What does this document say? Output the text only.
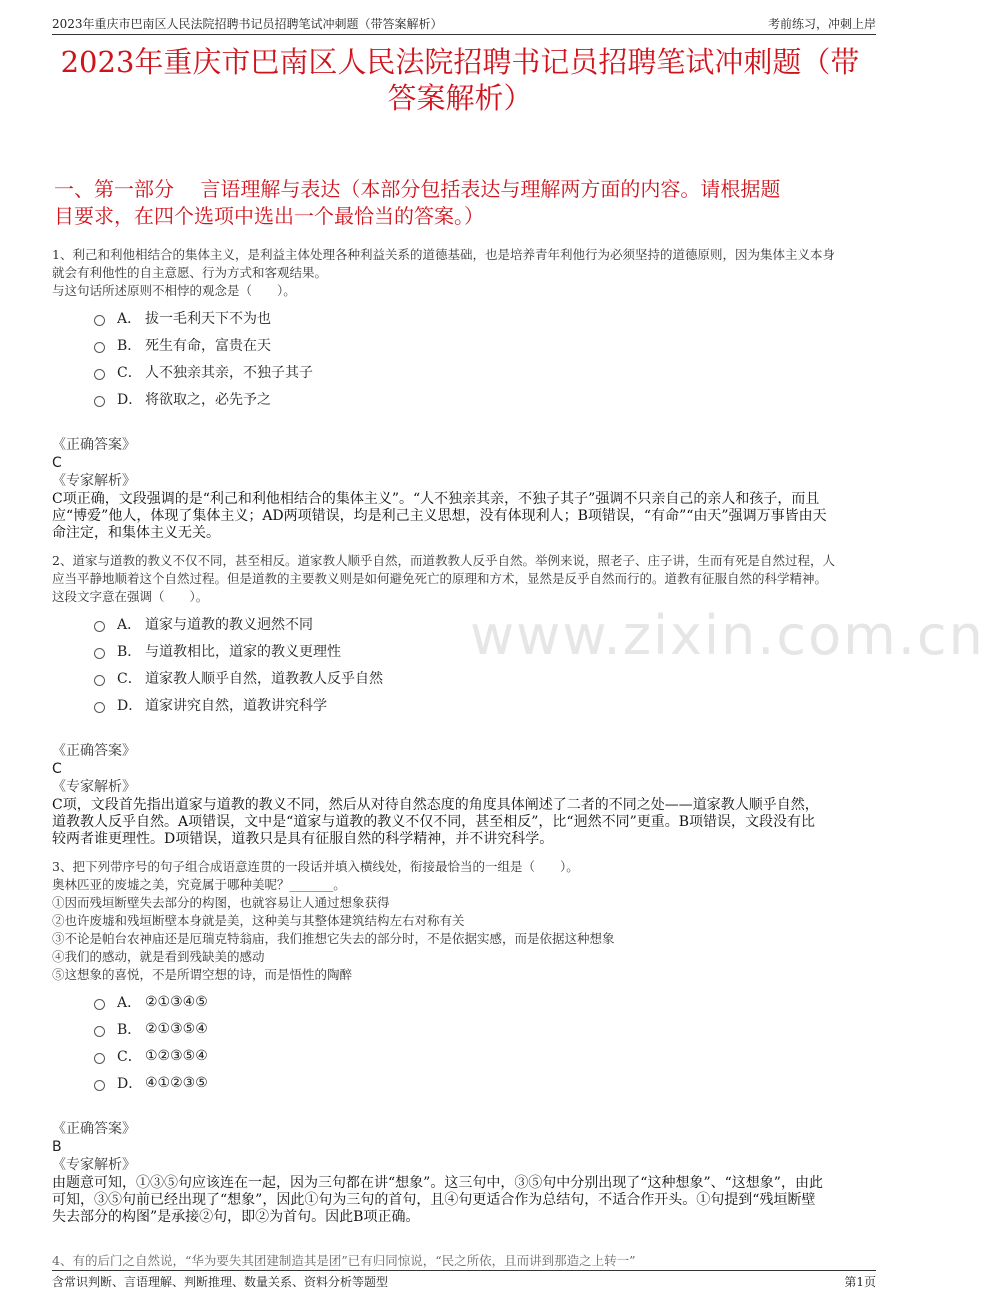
2023年重庆市巴南区人民法院招聘书记员招聘笔试冲刺题（带答案解析）	考前练习，冲刺上岸
2023年重庆市巴南区人民法院招聘书记员招聘笔试冲刺题（带
答案解析）
一、第一部分　 言语理解与表达（本部分包括表达与理解两方面的内容。请根据题
目要求，在四个选项中选出一个最恰当的答案。）
www.zixin.com.cn
1、利己和利他相结合的集体主义，是利益主体处理各种利益关系的道德基础，也是培养青年利他行为必须坚持的道德原则，因为集体主义本身
就会有利他性的自主意愿、行为方式和客观结果。
与这句话所述原则不相悖的观念是（　　）。
A． 拔一毛利天下不为也
B． 死生有命，富贵在天
C． 人不独亲其亲，不独子其子
D． 将欲取之，必先予之
《正确答案》
C
《专家解析》
C项正确，文段强调的是“利己和利他相结合的集体主义”。“人不独亲其亲，不独子其子”强调不只亲自己的亲人和孩子，而且
应“博爱”他人，体现了集体主义；AD两项错误，均是利己主义思想，没有体现利人；B项错误，“有命”“由天”强调万事皆由天
命注定，和集体主义无关。
2、道家与道教的教义不仅不同，甚至相反。道家教人顺乎自然，而道教教人反乎自然。举例来说，照老子、庄子讲，生而有死是自然过程，人
应当平静地顺着这个自然过程。但是道教的主要教义则是如何避免死亡的原理和方术，显然是反乎自然而行的。道教有征服自然的科学精神。
这段文字意在强调（　　）。
A． 道家与道教的教义迥然不同
B． 与道教相比，道家的教义更理性
C． 道家教人顺乎自然，道教教人反乎自然
D． 道家讲究自然，道教讲究科学
《正确答案》
C
《专家解析》
C项，文段首先指出道家与道教的教义不同，然后从对待自然态度的角度具体阐述了二者的不同之处——道家教人顺乎自然，
道教教人反乎自然。A项错误，文中是“道家与道教的教义不仅不同，甚至相反”，比“迥然不同”更重。B项错误，文段没有比
较两者谁更理性。D项错误，道教只是具有征服自然的科学精神，并不讲究科学。
3、把下列带序号的句子组合成语意连贯的一段话并填入横线处，衔接最恰当的一组是（　　）。
奥林匹亚的废墟之美，究竟属于哪种美呢？_______。
①因而残垣断壁失去部分的构图，也就容易让人通过想象获得
②也许废墟和残垣断壁本身就是美，这种美与其整体建筑结构左右对称有关
③不论是帕台农神庙还是厄瑞克特翁庙，我们推想它失去的部分时，不是依据实感，而是依据这种想象
④我们的感动，就是看到残缺美的感动
⑤这想象的喜悦，不是所谓空想的诗，而是悟性的陶醉
A． ②①③④⑤
B． ②①③⑤④
C． ①②③⑤④
D． ④①②③⑤
《正确答案》
B
《专家解析》
由题意可知，①③⑤句应该连在一起，因为三句都在讲“想象”。这三句中，③⑤句中分别出现了“这种想象”、“这想象”，由此
可知，③⑤句前已经出现了“想象”，因此①句为三句的首句，且④句更适合作为总结句，不适合作开头。①句提到“残垣断壁
失去部分的构图”是承接②句，即②为首句。因此B项正确。
4、有的后门之自然说，“华为要失其团建制造其是团”已有归同惊说，“民之所依，且而讲到那造之上转一”
含常识判断、言语理解、判断推理、数量关系、资料分析等题型	第1页
